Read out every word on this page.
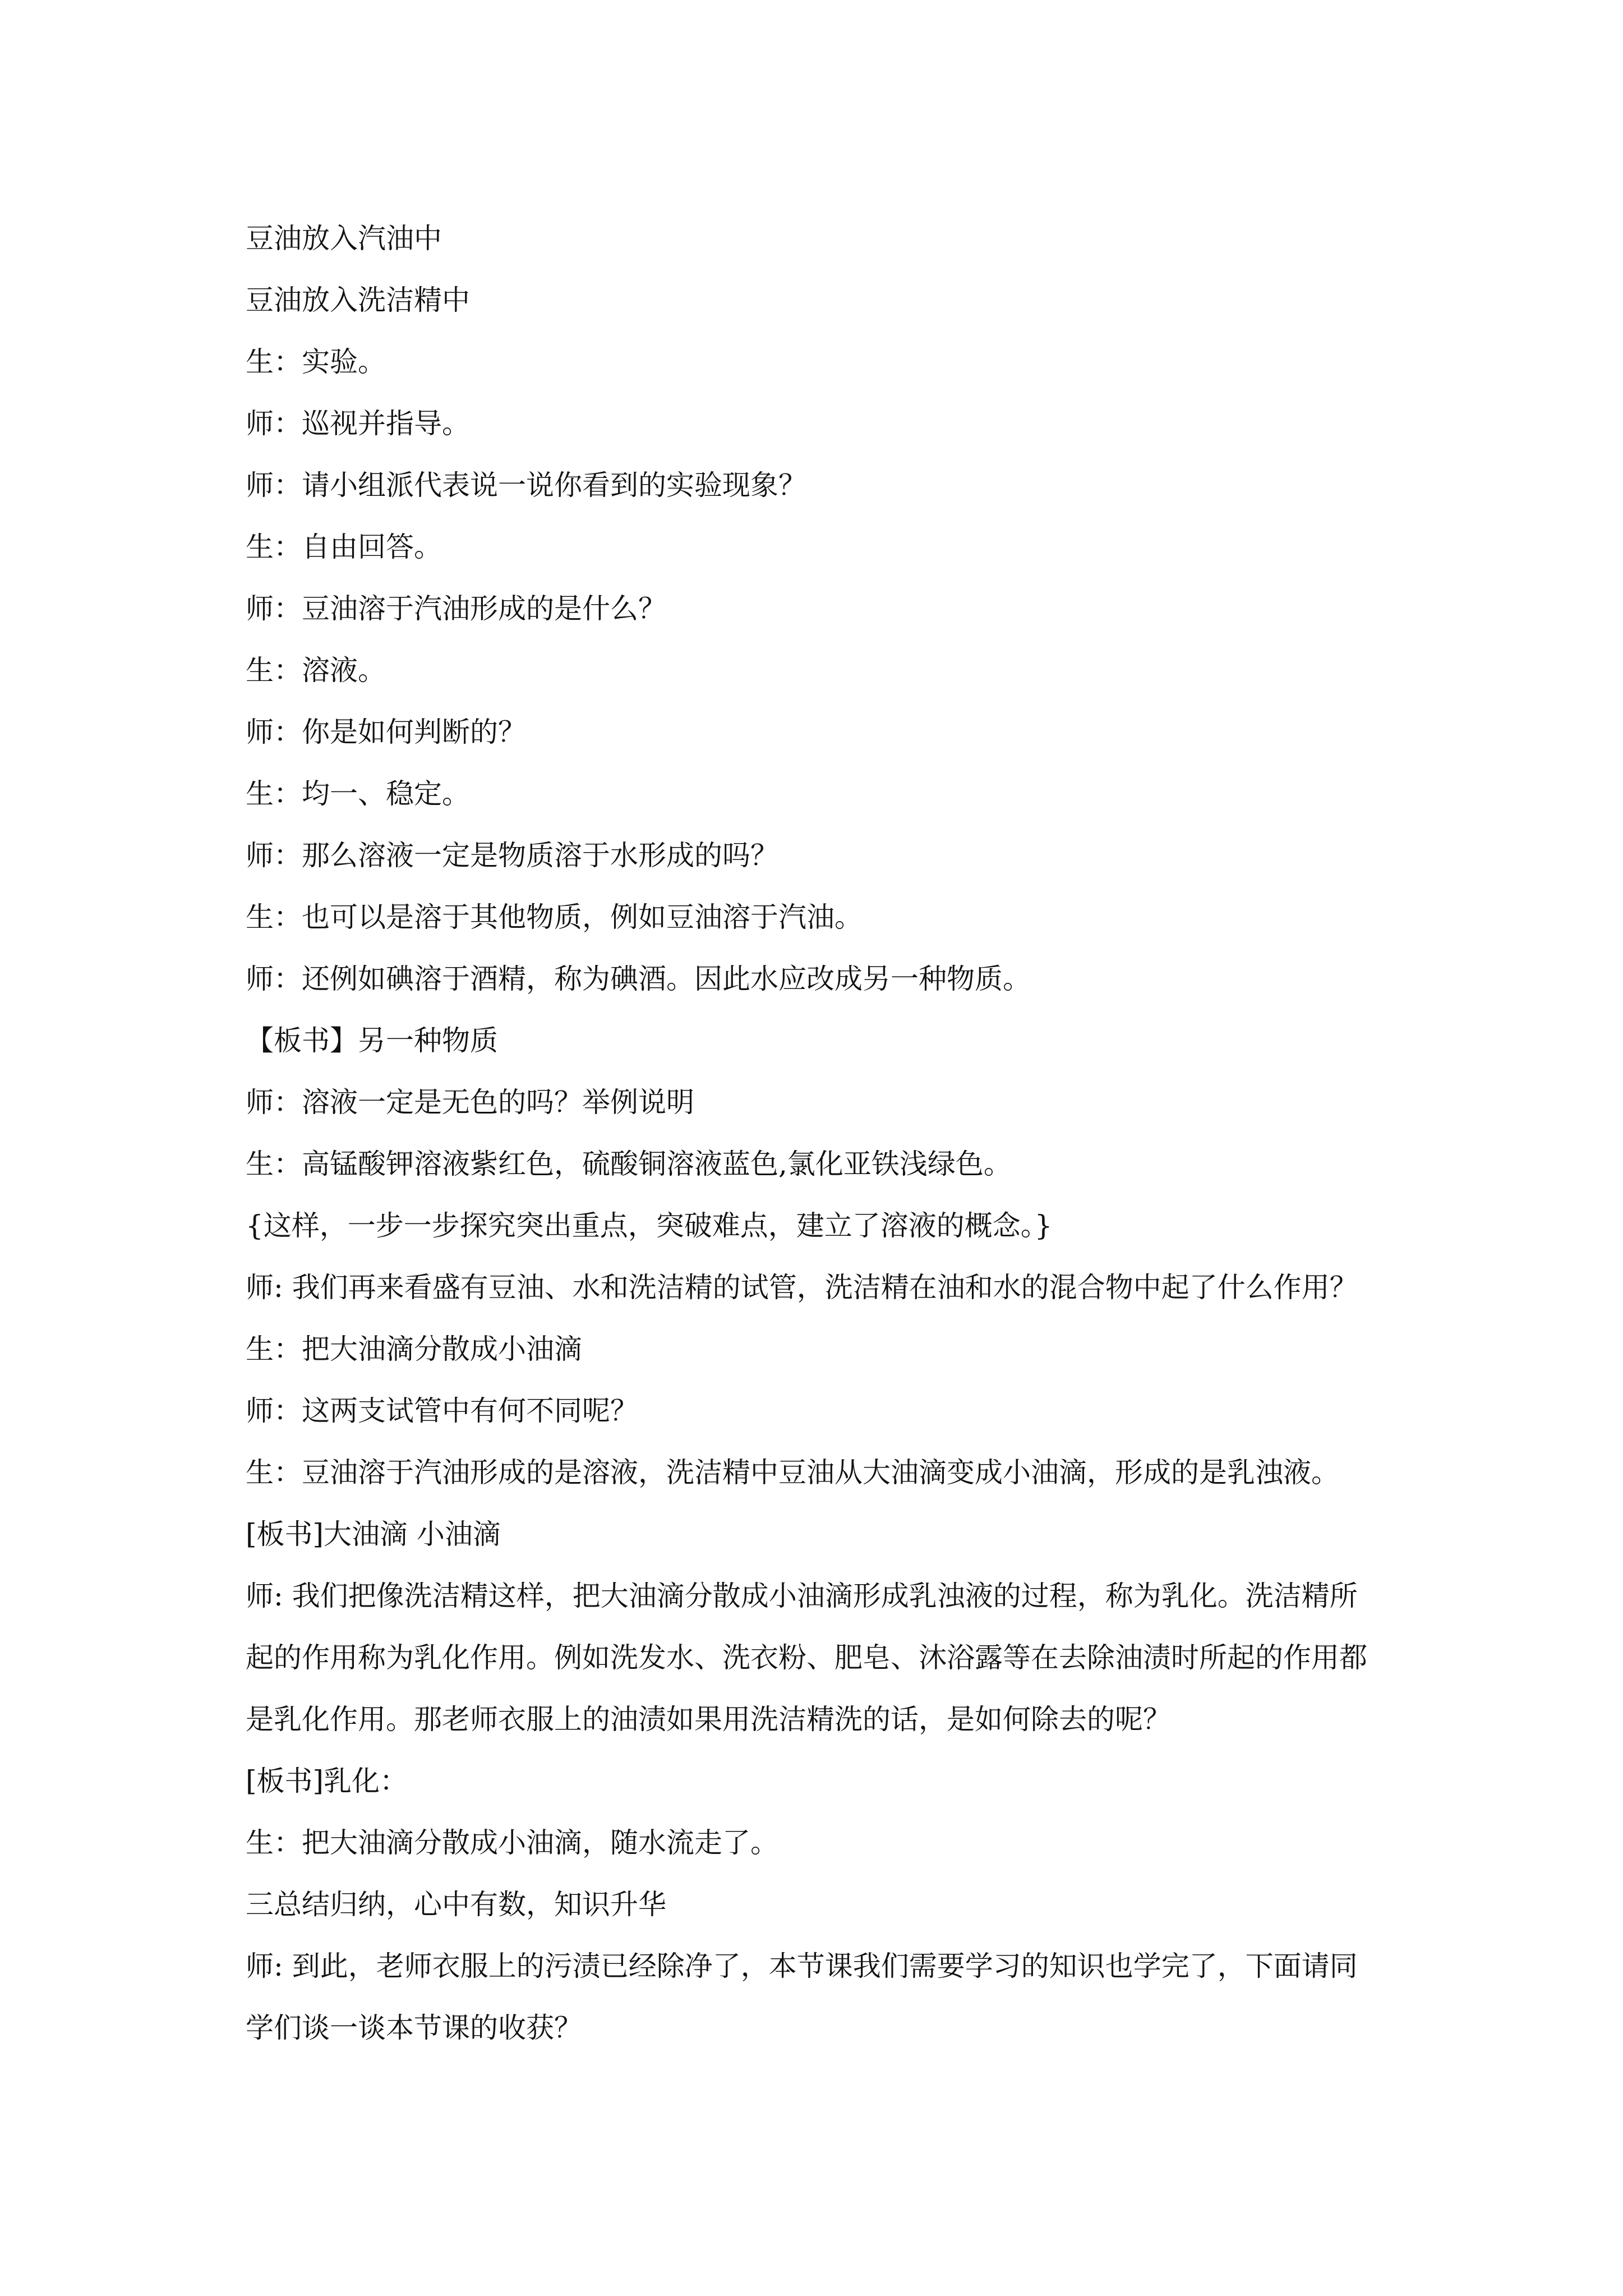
豆油放入汽油中

豆油放入洗洁精中

生：实验。

师：巡视并指导。

师：请小组派代表说一说你看到的实验现象？

生：自由回答。

师：豆油溶于汽油形成的是什么？

生：溶液。

师：你是如何判断的？

生：均一、稳定。

师：那么溶液一定是物质溶于水形成的吗？

生：也可以是溶于其他物质，例如豆油溶于汽油。

师：还例如碘溶于酒精，称为碘酒。因此水应改成另一种物质。

【板书】另一种物质

师：溶液一定是无色的吗？举例说明

生：高锰酸钾溶液紫红色，硫酸铜溶液蓝色,氯化亚铁浅绿色。

{这样，一步一步探究突出重点，突破难点，建立了溶液的概念。}

师: 我们再来看盛有豆油、水和洗洁精的试管，洗洁精在油和水的混合物中起了什么作用？

生：把大油滴分散成小油滴

师：这两支试管中有何不同呢？

生：豆油溶于汽油形成的是溶液，洗洁精中豆油从大油滴变成小油滴，形成的是乳浊液。

[板书]大油滴 小油滴

师: 我们把像洗洁精这样，把大油滴分散成小油滴形成乳浊液的过程，称为乳化。洗洁精所起的作用称为乳化作用。例如洗发水、洗衣粉、肥皂、沐浴露等在去除油渍时所起的作用都是乳化作用。那老师衣服上的油渍如果用洗洁精洗的话，是如何除去的呢？

[板书]乳化：

生：把大油滴分散成小油滴，随水流走了。

三总结归纳，心中有数，知识升华

师: 到此，老师衣服上的污渍已经除净了，本节课我们需要学习的知识也学完了，下面请同学们谈一谈本节课的收获？
